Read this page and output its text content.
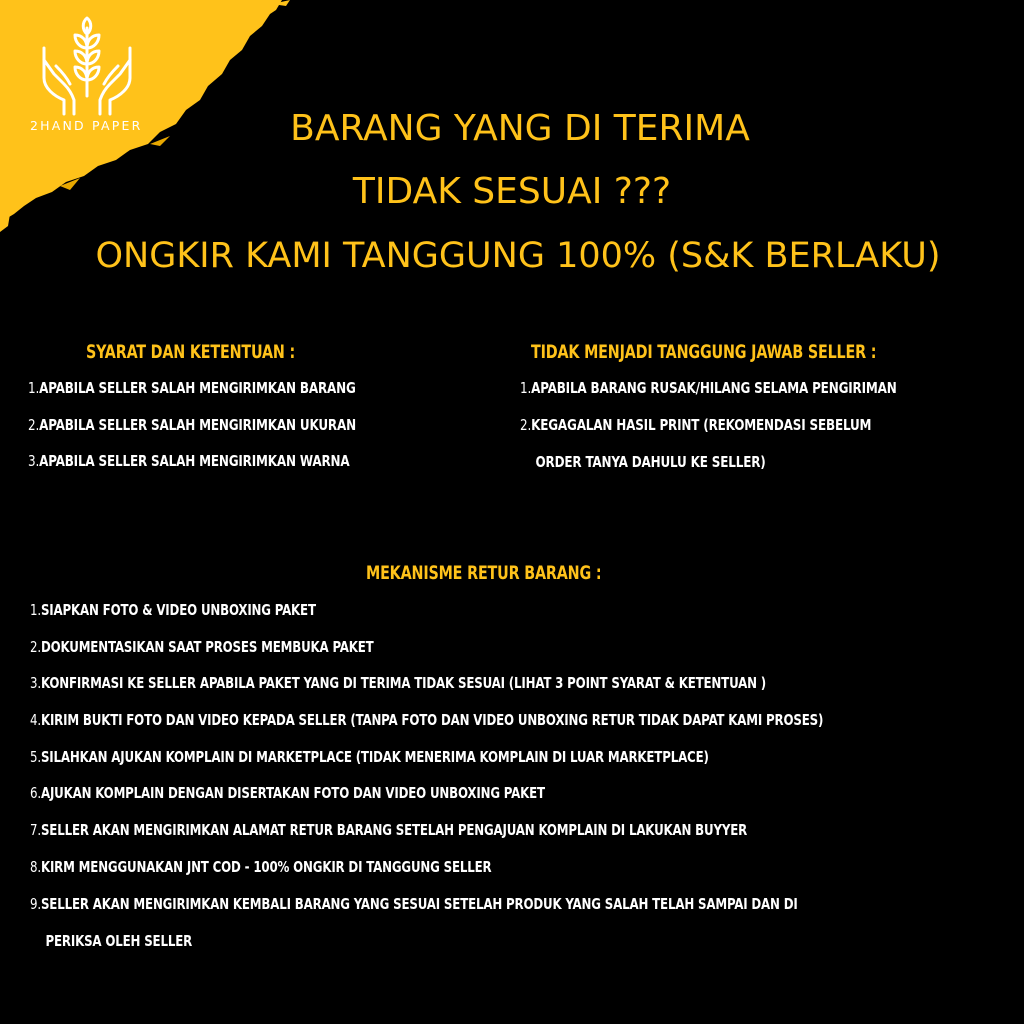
2HAND PAPER	BARANG YANG DI TERIMA
TIDAK SESUAI ???
ONGKIR KAMI TANGGUNG 100% (S&K BERLAKU)
SYARAT DAN KETENTUAN :
1.APABILA SELLER SALAH MENGIRIMKAN BARANG
2.APABILA SELLER SALAH MENGIRIMKAN UKURAN
3.APABILA SELLER SALAH MENGIRIMKAN WARNA
TIDAK MENJADI TANGGUNG JAWAB SELLER :
1.APABILA BARANG RUSAK/HILANG SELAMA PENGIRIMAN
2.KEGAGALAN HASIL PRINT (REKOMENDASI SEBELUM
ORDER TANYA DAHULU KE SELLER)
MEKANISME RETUR BARANG :
1.SIAPKAN FOTO & VIDEO UNBOXING PAKET
2.DOKUMENTASIKAN SAAT PROSES MEMBUKA PAKET
3.KONFIRMASI KE SELLER APABILA PAKET YANG DI TERIMA TIDAK SESUAI (LIHAT 3 POINT SYARAT & KETENTUAN )
4.KIRIM BUKTI FOTO DAN VIDEO KEPADA SELLER (TANPA FOTO DAN VIDEO UNBOXING RETUR TIDAK DAPAT KAMI PROSES)
5.SILAHKAN AJUKAN KOMPLAIN DI MARKETPLACE (TIDAK MENERIMA KOMPLAIN DI LUAR MARKETPLACE)
6.AJUKAN KOMPLAIN DENGAN DISERTAKAN FOTO DAN VIDEO UNBOXING PAKET
7.SELLER AKAN MENGIRIMKAN ALAMAT RETUR BARANG SETELAH PENGAJUAN KOMPLAIN DI LAKUKAN BUYYER
8.KIRM MENGGUNAKAN JNT COD - 100% ONGKIR DI TANGGUNG SELLER
9.SELLER AKAN MENGIRIMKAN KEMBALI BARANG YANG SESUAI SETELAH PRODUK YANG SALAH TELAH SAMPAI DAN DI
PERIKSA OLEH SELLER
